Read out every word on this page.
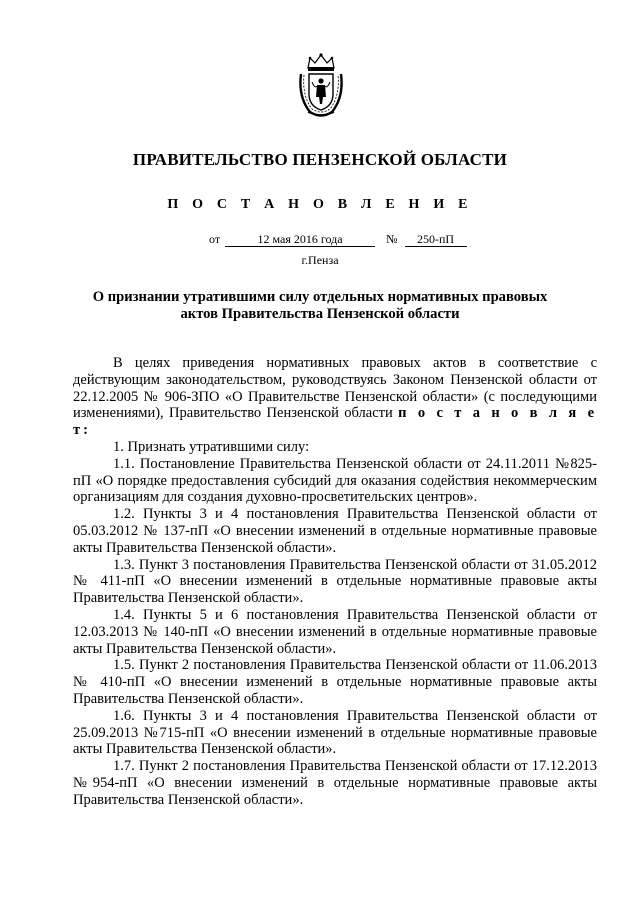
ПРАВИТЕЛЬСТВО ПЕНЗЕНСКОЙ ОБЛАСТИ
П О С Т А Н О В Л Е Н И Е
от	12 мая 2016 года	№ 250-пП
г.Пенза
О признании утратившими силу отдельных нормативных правовых
актов Правительства Пензенской области

В целях приведения нормативных правовых актов в соответствие с действующим законодательством, руководствуясь Законом Пензенской области от 22.12.2005 № 906-ЗПО «О Правительстве Пензенской области» (с последующими изменениями), Правительство Пензенской области п о с т а н о в л я е т:

1. Признать утратившими силу:

1.1. Постановление Правительства Пензенской области от 24.11.2011 №825-пП «О порядке предоставления субсидий для оказания содействия некоммерческим организациям для создания духовно-просветительских центров».

1.2. Пункты 3 и 4 постановления Правительства Пензенской области от 05.03.2012 № 137-пП «О внесении изменений в отдельные нормативные правовые акты Правительства Пензенской области».

1.3. Пункт 3 постановления Правительства Пензенской области от 31.05.2012 № 411-пП «О внесении изменений в отдельные нормативные правовые акты Правительства Пензенской области».

1.4. Пункты 5 и 6 постановления Правительства Пензенской области от 12.03.2013 № 140-пП «О внесении изменений в отдельные нормативные правовые акты Правительства Пензенской области».

1.5. Пункт 2 постановления Правительства Пензенской области от 11.06.2013 № 410-пП «О внесении изменений в отдельные нормативные правовые акты Правительства Пензенской области».

1.6. Пункты 3 и 4 постановления Правительства Пензенской области от 25.09.2013 №715-пП «О внесении изменений в отдельные нормативные правовые акты Правительства Пензенской области».

1.7. Пункт 2 постановления Правительства Пензенской области от 17.12.2013 №954-пП «О внесении изменений в отдельные нормативные правовые акты Правительства Пензенской области».
